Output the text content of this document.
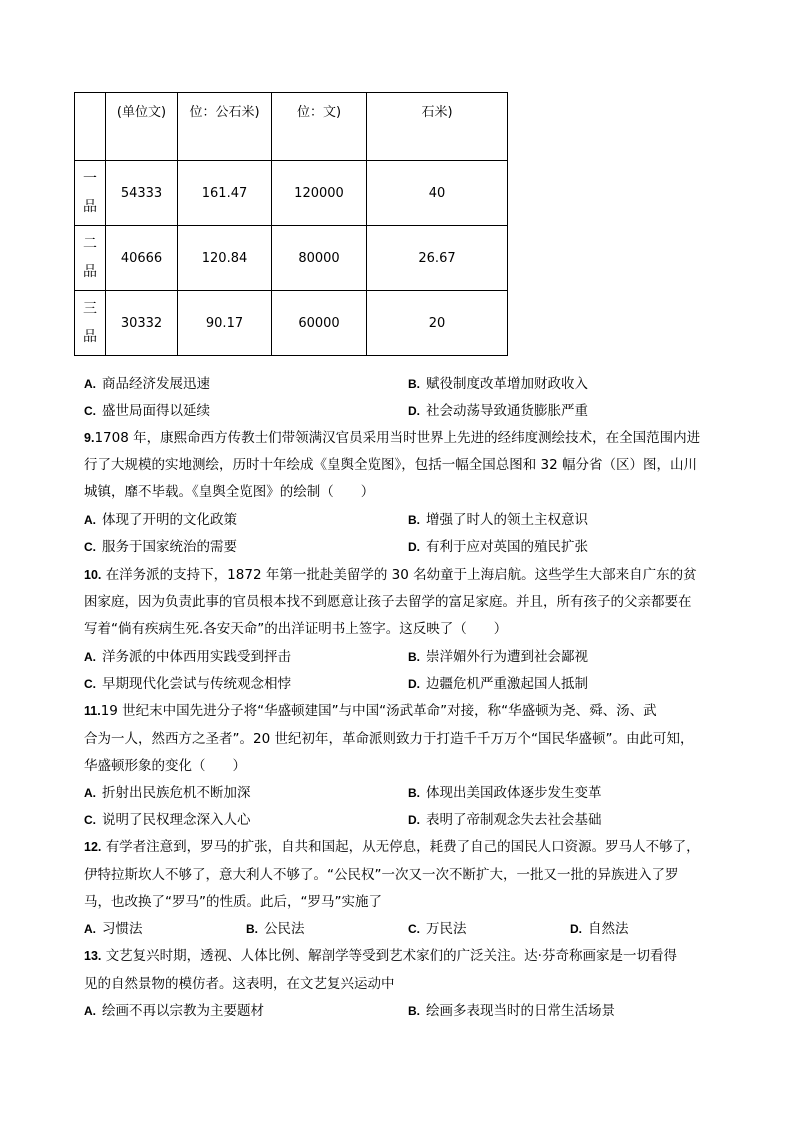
	(单位文)	位：公石米)	位：文)	石米)

一
品	54333	161.47	120000	40

二
品	40666	120.84	80000	26.67

三
品	30332	90.17	60000	20
A. 商品经济发展迅速	B. 赋役制度改革增加财政收入
C. 盛世局面得以延续	D. 社会动荡导致通货膨胀严重
9.1708 年，康熙命西方传教士们带领满汉官员采用当时世界上先进的经纬度测绘技术，在全国范围内进
行了大规模的实地测绘，历时十年绘成《皇舆全览图》，包括一幅全国总图和 32 幅分省（区）图，山川
城镇，靡不毕载。《皇舆全览图》的绘制（　　）
A. 体现了开明的文化政策	B. 增强了时人的领土主权意识
C. 服务于国家统治的需要	D. 有利于应对英国的殖民扩张
10. 在洋务派的支持下，1872 年第一批赴美留学的 30 名幼童于上海启航。这些学生大部来自广东的贫
困家庭，因为负责此事的官员根本找不到愿意让孩子去留学的富足家庭。并且，所有孩子的父亲都要在
写着“倘有疾病生死.各安天命”的出洋证明书上签字。这反映了（　　）
A. 洋务派的中体西用实践受到抨击	B. 崇洋媚外行为遭到社会鄙视
C. 早期现代化尝试与传统观念相悖	D. 边疆危机严重激起国人抵制
11.19 世纪末中国先进分子将“华盛顿建国”与中国“汤武革命”对接，称“华盛顿为尧、舜、汤、武
合为一人，然西方之圣者”。20 世纪初年，革命派则致力于打造千千万万个“国民华盛顿”。由此可知，
华盛顿形象的变化（　　）
A. 折射出民族危机不断加深	B. 体现出美国政体逐步发生变革
C. 说明了民权理念深入人心	D. 表明了帝制观念失去社会基础
12. 有学者注意到，罗马的扩张，自共和国起，从无停息，耗费了自己的国民人口资源。罗马人不够了，
伊特拉斯坎人不够了，意大利人不够了。“公民权”一次又一次不断扩大，一批又一批的异族进入了罗
马，也改换了“罗马”的性质。此后，“罗马”实施了
A. 习惯法	B. 公民法	C. 万民法	D. 自然法
13. 文艺复兴时期，透视、人体比例、解剖学等受到艺术家们的广泛关注。达·芬奇称画家是一切看得
见的自然景物的模仿者。这表明，在文艺复兴运动中
A. 绘画不再以宗教为主要题材	B. 绘画多表现当时的日常生活场景
